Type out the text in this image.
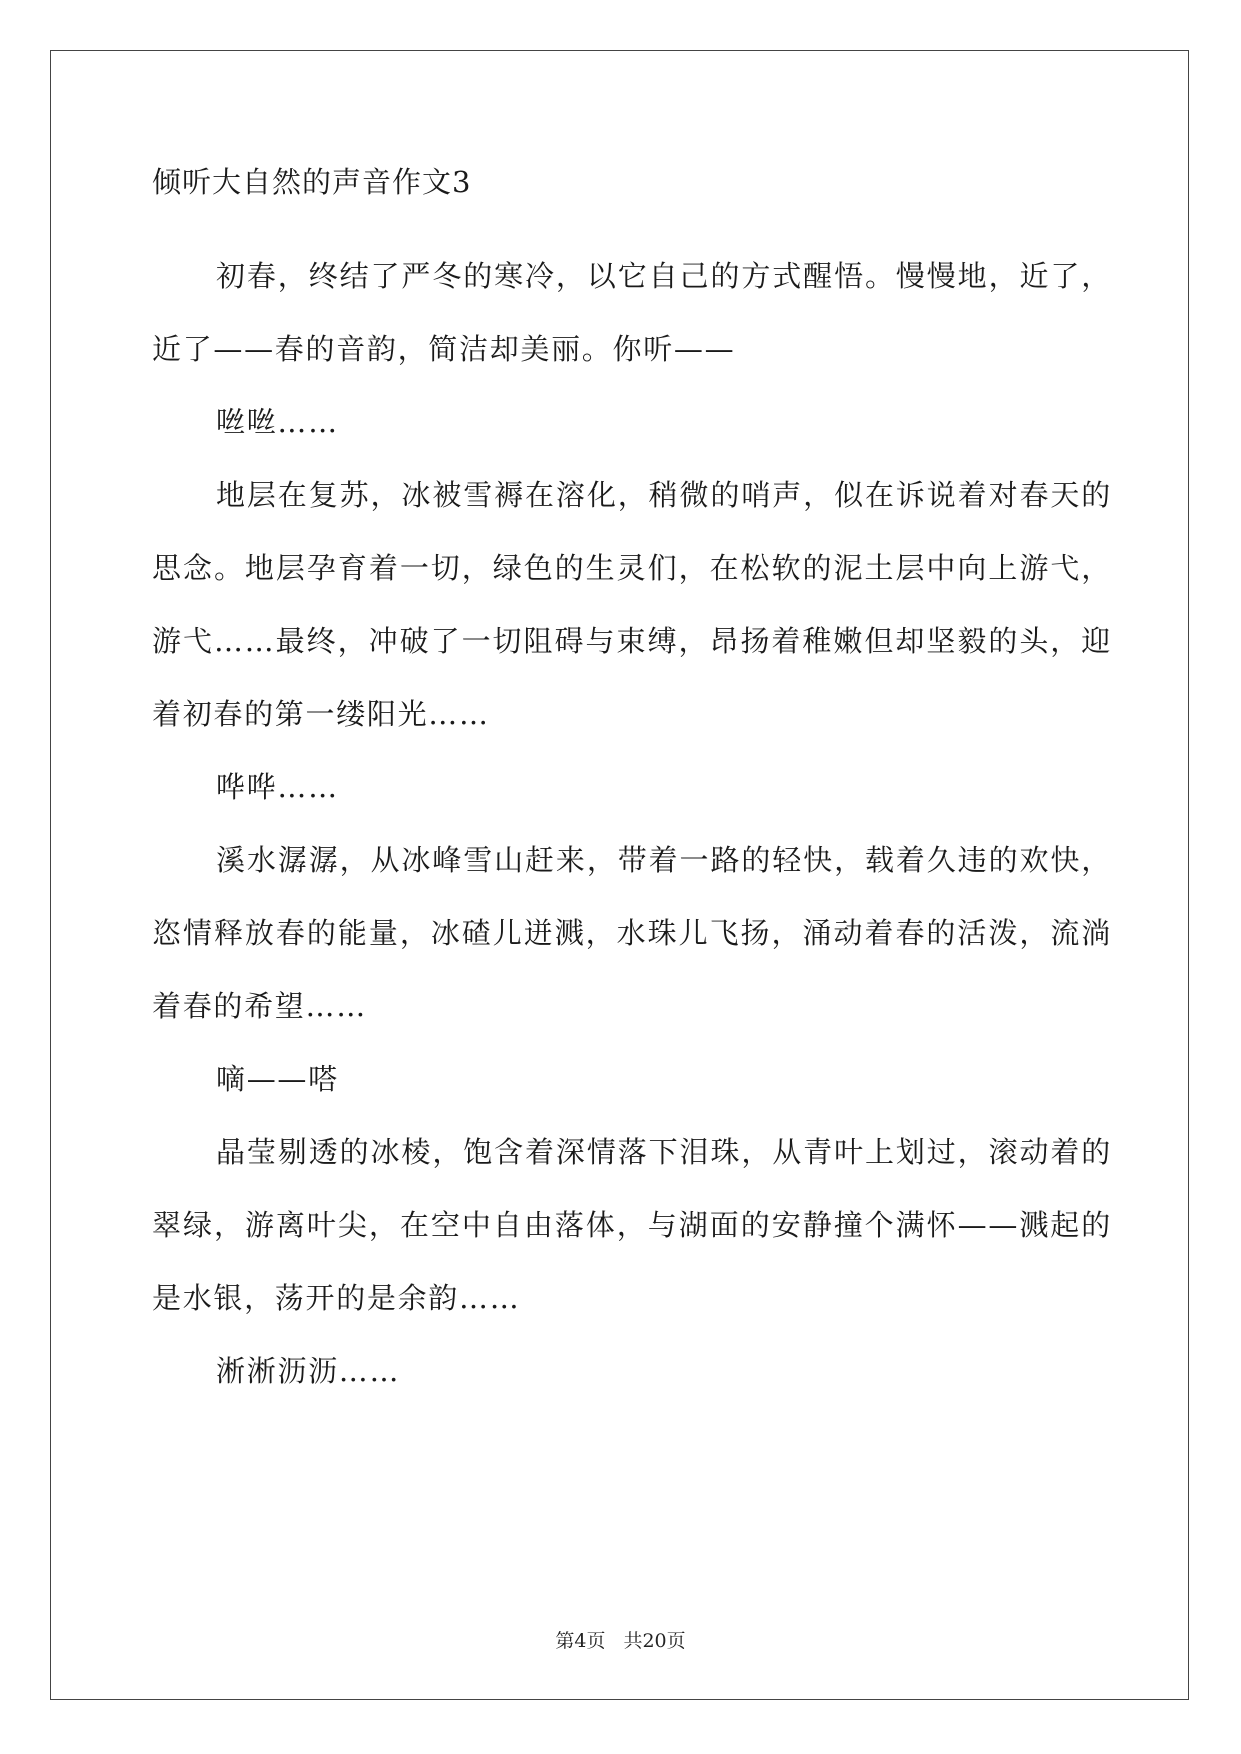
倾听大自然的声音作文3

初春，终结了严冬的寒冷，以它自己的方式醒悟。慢慢地，近了，近了——春的音韵，简洁却美丽。你听——

咝咝……

地层在复苏，冰被雪褥在溶化，稍微的哨声，似在诉说着对春天的思念。地层孕育着一切，绿色的生灵们，在松软的泥土层中向上游弋，游弋……最终，冲破了一切阻碍与束缚，昂扬着稚嫩但却坚毅的头，迎着初春的第一缕阳光……

哗哗……

溪水潺潺，从冰峰雪山赶来，带着一路的轻快，载着久违的欢快，恣情释放春的能量，冰碴儿迸溅，水珠儿飞扬，涌动着春的活泼，流淌着春的希望……

嘀——嗒

晶莹剔透的冰棱，饱含着深情落下泪珠，从青叶上划过，滚动着的翠绿，游离叶尖，在空中自由落体，与湖面的安静撞个满怀——溅起的是水银，荡开的是余韵……

淅淅沥沥……

第4页 共20页
